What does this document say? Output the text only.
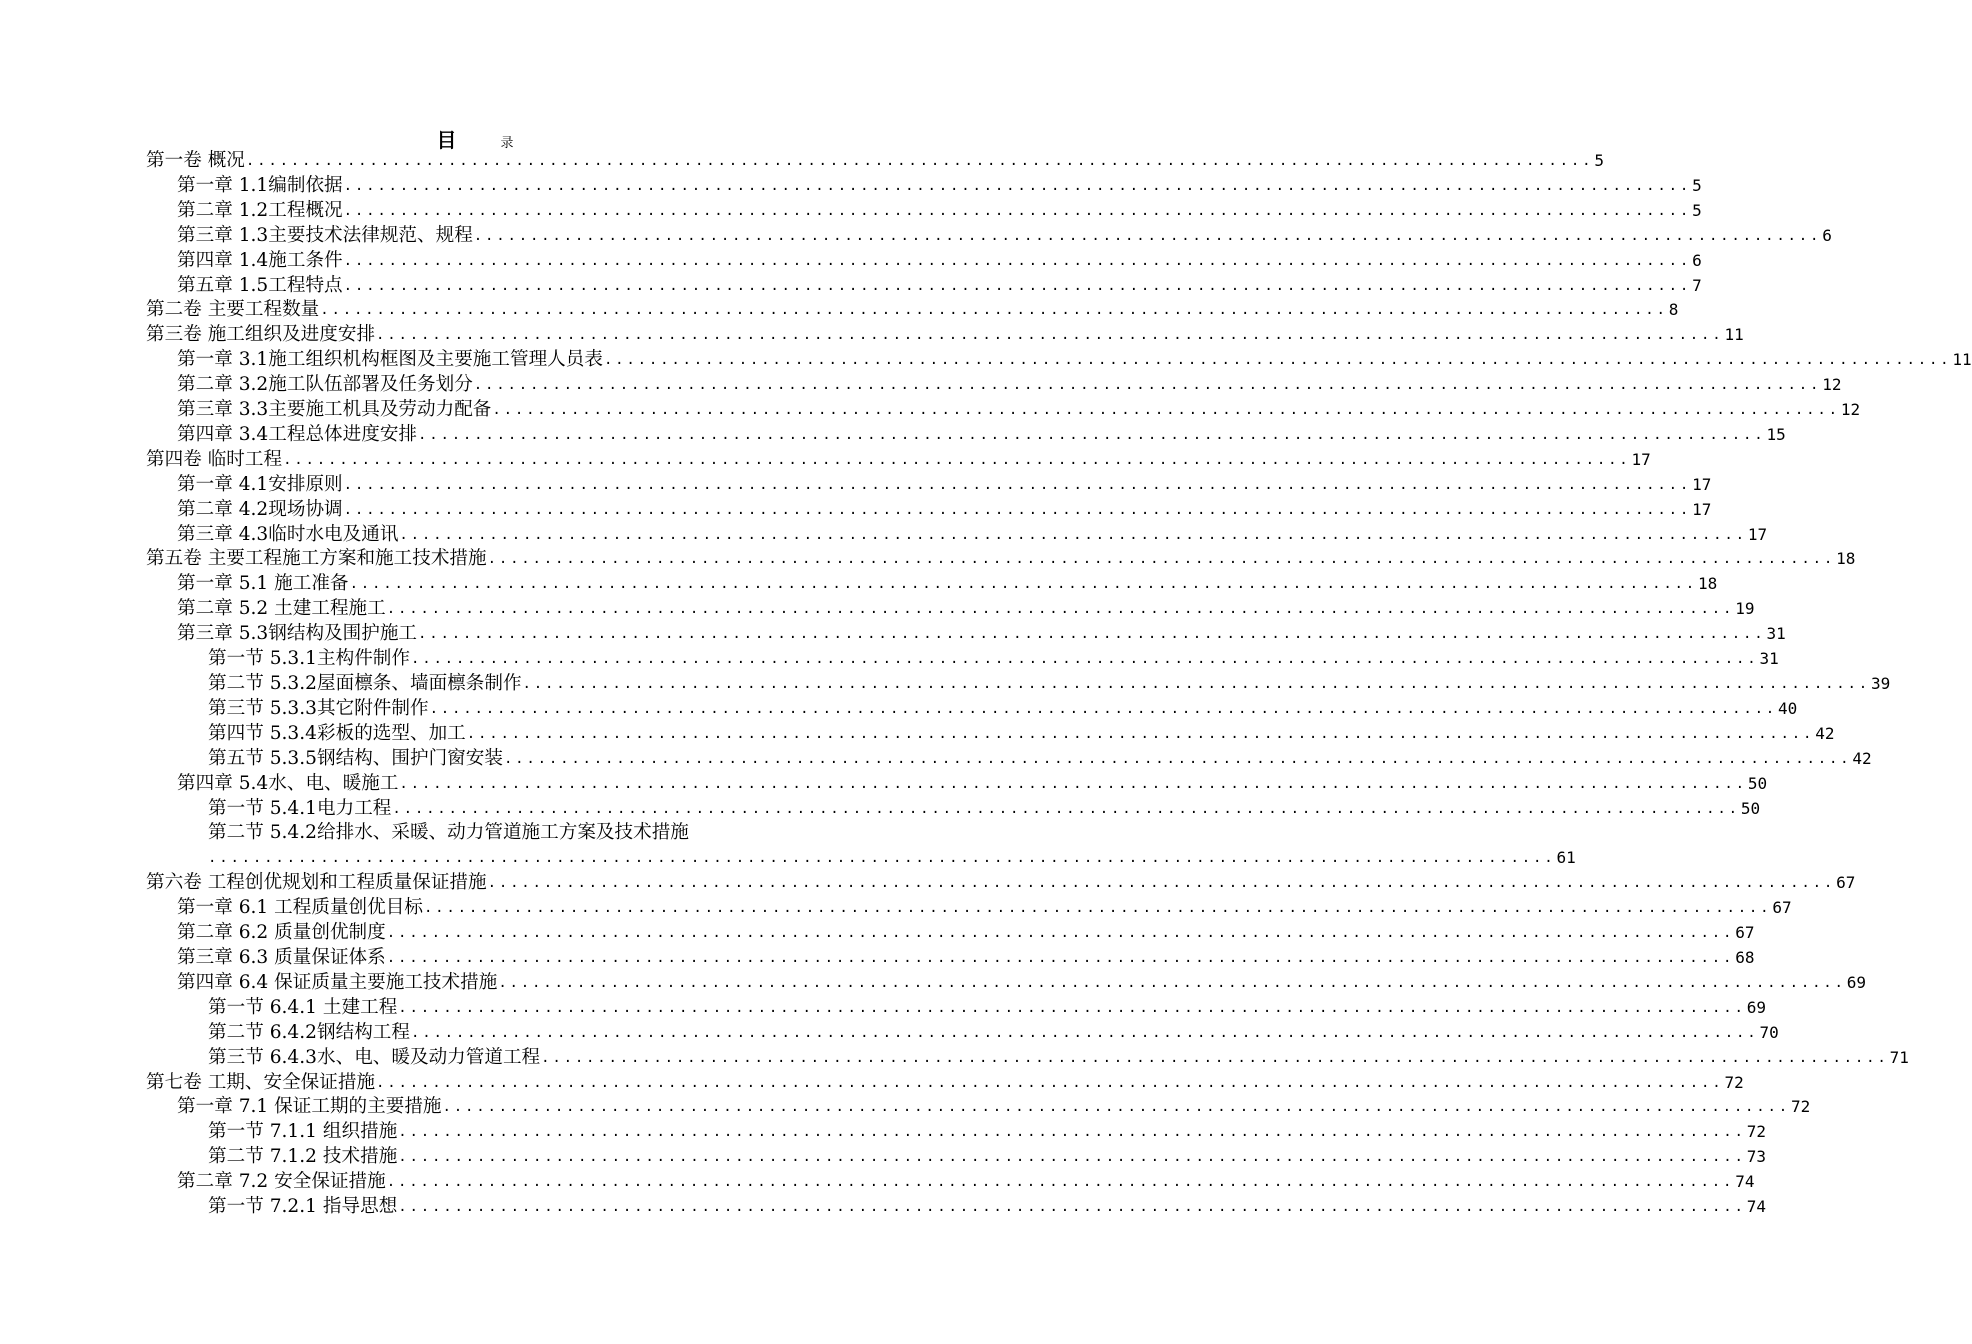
目	录
第一卷 概况 ........................................................................................................................ 5
第一章 1.1编制依据 ........................................................................................................................ 5
第二章 1.2工程概况 ........................................................................................................................ 5
第三章 1.3主要技术法律规范、规程 ........................................................................................................................ 6
第四章 1.4施工条件 ........................................................................................................................ 6
第五章 1.5工程特点 ........................................................................................................................ 7
第二卷 主要工程数量 ........................................................................................................................ 8
第三卷 施工组织及进度安排 ........................................................................................................................ 11
第一章 3.1施工组织机构框图及主要施工管理人员表 ........................................................................................................................ 11
第二章 3.2施工队伍部署及任务划分 ........................................................................................................................ 12
第三章 3.3主要施工机具及劳动力配备 ........................................................................................................................ 12
第四章 3.4工程总体进度安排 ........................................................................................................................ 15
第四卷 临时工程 ........................................................................................................................ 17
第一章 4.1安排原则 ........................................................................................................................ 17
第二章 4.2现场协调 ........................................................................................................................ 17
第三章 4.3临时水电及通讯 ........................................................................................................................ 17
第五卷 主要工程施工方案和施工技术措施 ........................................................................................................................ 18
第一章 5.1 施工准备 ........................................................................................................................ 18
第二章 5.2 土建工程施工 ........................................................................................................................ 19
第三章 5.3钢结构及围护施工 ........................................................................................................................ 31
第一节 5.3.1主构件制作 ........................................................................................................................ 31
第二节 5.3.2屋面檩条、墙面檩条制作 ........................................................................................................................ 39
第三节 5.3.3其它附件制作 ........................................................................................................................ 40
第四节 5.3.4彩板的选型、加工 ........................................................................................................................ 42
第五节 5.3.5钢结构、围护门窗安装 ........................................................................................................................ 42
第四章 5.4水、电、暖施工 ........................................................................................................................ 50
第一节 5.4.1电力工程 ........................................................................................................................ 50
第二节 5.4.2给排水、采暖、动力管道施工方案及技术措施
........................................................................................................................ 61
第六卷 工程创优规划和工程质量保证措施 ........................................................................................................................ 67
第一章 6.1 工程质量创优目标 ........................................................................................................................ 67
第二章 6.2 质量创优制度 ........................................................................................................................ 67
第三章 6.3 质量保证体系 ........................................................................................................................ 68
第四章 6.4 保证质量主要施工技术措施 ........................................................................................................................ 69
第一节 6.4.1 土建工程 ........................................................................................................................ 69
第二节 6.4.2钢结构工程 ........................................................................................................................ 70
第三节 6.4.3水、电、暖及动力管道工程 ........................................................................................................................ 71
第七卷 工期、安全保证措施 ........................................................................................................................ 72
第一章 7.1 保证工期的主要措施 ........................................................................................................................ 72
第一节 7.1.1 组织措施 ........................................................................................................................ 72
第二节 7.1.2 技术措施 ........................................................................................................................ 73
第二章 7.2 安全保证措施 ........................................................................................................................ 74
第一节 7.2.1 指导思想 ........................................................................................................................ 74
